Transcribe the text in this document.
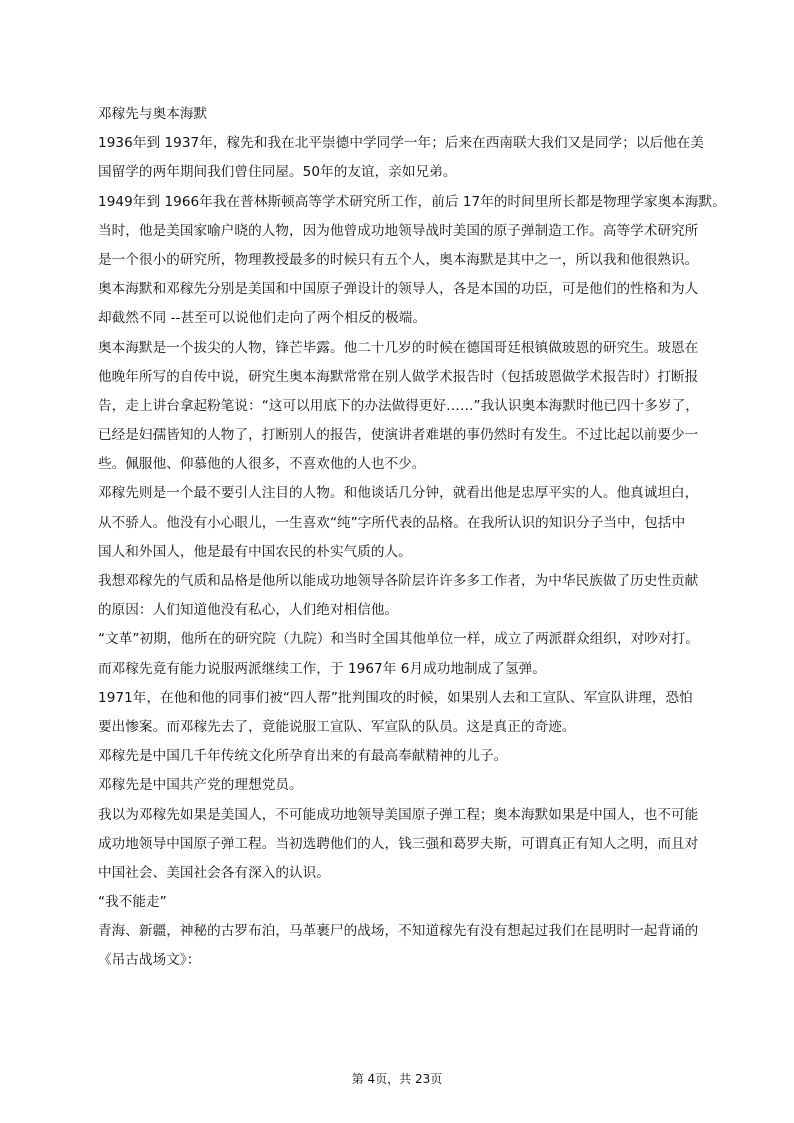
邓稼先与奥本海默
1936年到 1937年，稼先和我在北平崇德中学同学一年；后来在西南联大我们又是同学；以后他在美
国留学的两年期间我们曾住同屋。50年的友谊，亲如兄弟。
1949年到 1966年我在普林斯顿高等学术研究所工作，前后 17年的时间里所长都是物理学家奥本海默。
当时，他是美国家喻户晓的人物，因为他曾成功地领导战时美国的原子弹制造工作。高等学术研究所
是一个很小的研究所，物理教授最多的时候只有五个人，奥本海默是其中之一，所以我和他很熟识。
奥本海默和邓稼先分别是美国和中国原子弹设计的领导人，各是本国的功臣，可是他们的性格和为人
却截然不同 --甚至可以说他们走向了两个相反的极端。
奥本海默是一个拔尖的人物，锋芒毕露。他二十几岁的时候在德国哥廷根镇做玻恩的研究生。玻恩在
他晚年所写的自传中说，研究生奥本海默常常在别人做学术报告时（包括玻恩做学术报告时）打断报
告，走上讲台拿起粉笔说：“这可以用底下的办法做得更好……”我认识奥本海默时他已四十多岁了，
已经是妇孺皆知的人物了，打断别人的报告，使演讲者难堪的事仍然时有发生。不过比起以前要少一
些。佩服他、仰慕他的人很多，不喜欢他的人也不少。
邓稼先则是一个最不要引人注目的人物。和他谈话几分钟，就看出他是忠厚平实的人。他真诚坦白，
从不骄人。他没有小心眼儿，一生喜欢“纯”字所代表的品格。在我所认识的知识分子当中，包括中
国人和外国人，他是最有中国农民的朴实气质的人。
我想邓稼先的气质和品格是他所以能成功地领导各阶层许许多多工作者，为中华民族做了历史性贡献
的原因：人们知道他没有私心，人们绝对相信他。
“文革”初期，他所在的研究院（九院）和当时全国其他单位一样，成立了两派群众组织，对吵对打。
而邓稼先竟有能力说服两派继续工作，于 1967年 6月成功地制成了氢弹。
1971年，在他和他的同事们被“四人帮”批判围攻的时候，如果别人去和工宣队、军宣队讲理，恐怕
要出惨案。而邓稼先去了，竟能说服工宣队、军宣队的队员。这是真正的奇迹。
邓稼先是中国几千年传统文化所孕育出来的有最高奉献精神的儿子。
邓稼先是中国共产党的理想党员。
我以为邓稼先如果是美国人，不可能成功地领导美国原子弹工程；奥本海默如果是中国人，也不可能
成功地领导中国原子弹工程。当初选聘他们的人，钱三强和葛罗夫斯，可谓真正有知人之明，而且对
中国社会、美国社会各有深入的认识。
“我不能走”
青海、新疆，神秘的古罗布泊，马革裹尸的战场，不知道稼先有没有想起过我们在昆明时一起背诵的
《吊古战场文》：
第 4页，共 23页
